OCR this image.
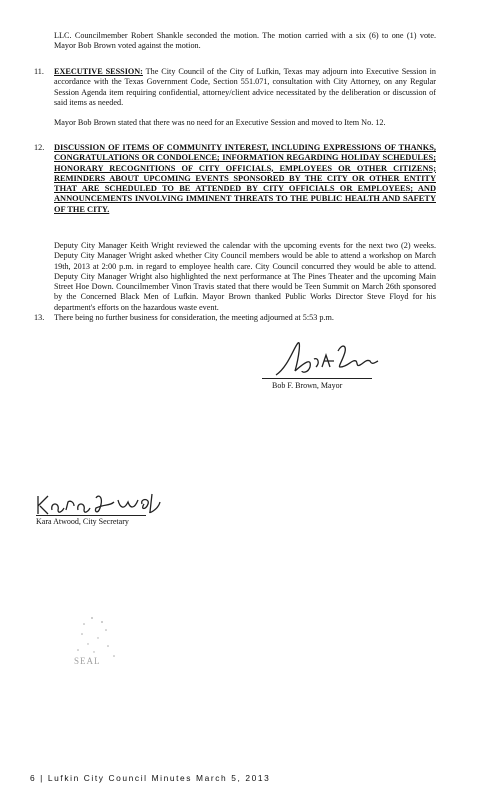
LLC. Councilmember Robert Shankle seconded the motion. The motion carried with a six (6) to one (1) vote. Mayor Bob Brown voted against the motion.
11. EXECUTIVE SESSION: The City Council of the City of Lufkin, Texas may adjourn into Executive Session in accordance with the Texas Government Code, Section 551.071, consultation with City Attorney, on any Regular Session Agenda item requiring confidential, attorney/client advice necessitated by the deliberation or discussion of said items as needed.
Mayor Bob Brown stated that there was no need for an Executive Session and moved to Item No. 12.
12. DISCUSSION OF ITEMS OF COMMUNITY INTEREST, INCLUDING EXPRESSIONS OF THANKS, CONGRATULATIONS OR CONDOLENCE; INFORMATION REGARDING HOLIDAY SCHEDULES; HONORARY RECOGNITIONS OF CITY OFFICIALS, EMPLOYEES OR OTHER CITIZENS; REMINDERS ABOUT UPCOMING EVENTS SPONSORED BY THE CITY OR OTHER ENTITY THAT ARE SCHEDULED TO BE ATTENDED BY CITY OFFICIALS OR EMPLOYEES; AND ANNOUNCEMENTS INVOLVING IMMINENT THREATS TO THE PUBLIC HEALTH AND SAFETY OF THE CITY.
Deputy City Manager Keith Wright reviewed the calendar with the upcoming events for the next two (2) weeks. Deputy City Manager Wright asked whether City Council members would be able to attend a workshop on March 19th, 2013 at 2:00 p.m. in regard to employee health care. City Council concurred they would be able to attend. Deputy City Manager Wright also highlighted the next performance at The Pines Theater and the upcoming Main Street Hoe Down. Councilmember Vinon Travis stated that there would be Teen Summit on March 26th sponsored by the Concerned Black Men of Lufkin. Mayor Brown thanked Public Works Director Steve Floyd for his department's efforts on the hazardous waste event.
13. There being no further business for consideration, the meeting adjourned at 5:53 p.m.
Bob F. Brown, Mayor
Kara Atwood, City Secretary
SEAL
6 | Lufkin City Council Minutes March 5, 2013
